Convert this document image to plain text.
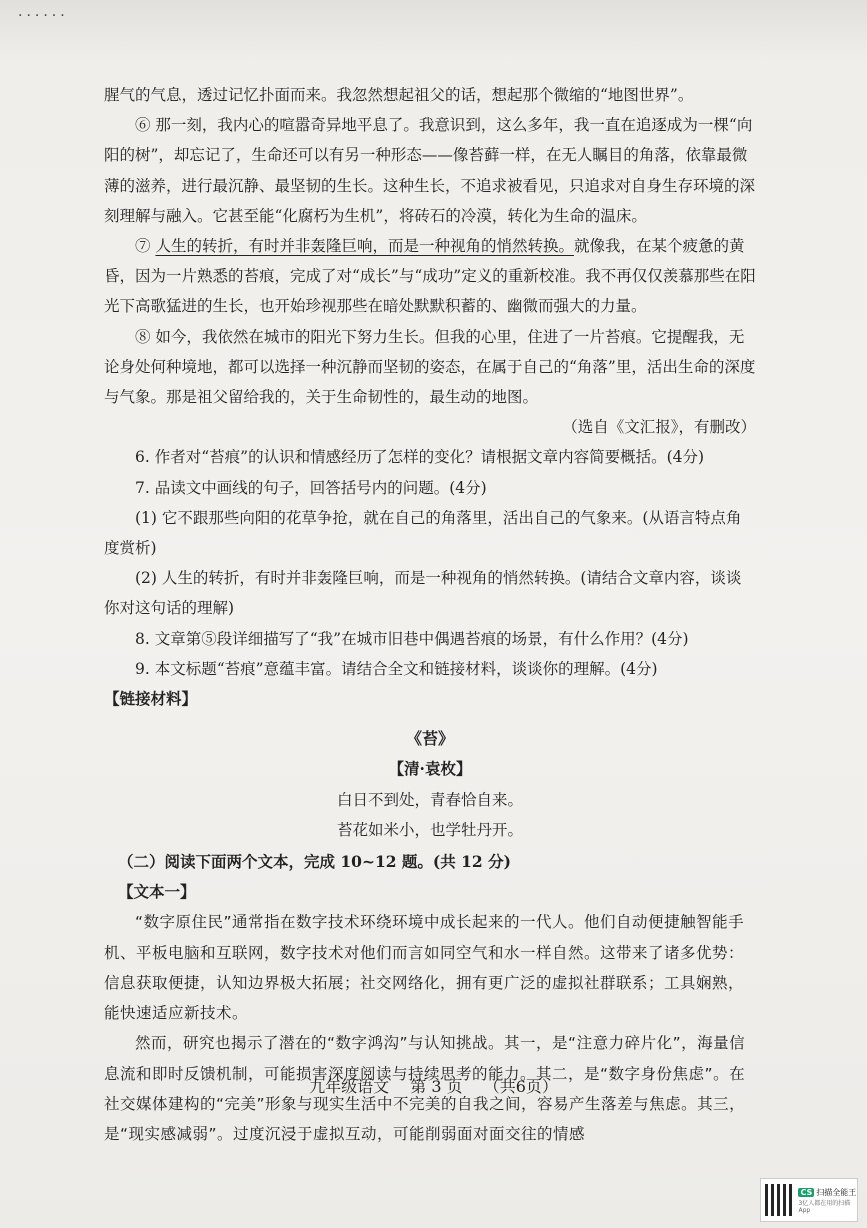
......

腥气的气息，透过记忆扑面而来。我忽然想起祖父的话，想起那个微缩的“地图世界”。

⑥ 那一刻，我内心的喧嚣奇异地平息了。我意识到，这么多年，我一直在追逐成为一棵“向阳的树”，却忘记了，生命还可以有另一种形态——像苔藓一样，在无人瞩目的角落，依靠最微薄的滋养，进行最沉静、最坚韧的生长。这种生长，不追求被看见，只追求对自身生存环境的深刻理解与融入。它甚至能“化腐朽为生机”，将砖石的冷漠，转化为生命的温床。

⑦ 人生的转折，有时并非轰隆巨响，而是一种视角的悄然转换。就像我，在某个疲惫的黄昏，因为一片熟悉的苔痕，完成了对“成长”与“成功”定义的重新校准。我不再仅仅羡慕那些在阳光下高歌猛进的生长，也开始珍视那些在暗处默默积蓄的、幽微而强大的力量。

⑧ 如今，我依然在城市的阳光下努力生长。但我的心里，住进了一片苔痕。它提醒我，无论身处何种境地，都可以选择一种沉静而坚韧的姿态，在属于自己的“角落”里，活出生命的深度与气象。那是祖父留给我的，关于生命韧性的，最生动的地图。

（选自《文汇报》，有删改）

6. 作者对“苔痕”的认识和情感经历了怎样的变化？请根据文章内容简要概括。(4分)

7. 品读文中画线的句子，回答括号内的问题。(4分)

(1) 它不跟那些向阳的花草争抢，就在自己的角落里，活出自己的气象来。(从语言特点角度赏析)

(2) 人生的转折，有时并非轰隆巨响，而是一种视角的悄然转换。(请结合文章内容，谈谈你对这句话的理解)

8. 文章第⑤段详细描写了“我”在城市旧巷中偶遇苔痕的场景，有什么作用？(4分)

9. 本文标题“苔痕”意蕴丰富。请结合全文和链接材料，谈谈你的理解。(4分)

【链接材料】

《苔》

【清·袁枚】

白日不到处，青春恰自来。

苔花如米小，也学牡丹开。

（二）阅读下面两个文本，完成 10~12 题。(共 12 分)

【文本一】

“数字原住民”通常指在数字技术环绕环境中成长起来的一代人。他们自动便捷触智能手机、平板电脑和互联网，数字技术对他们而言如同空气和水一样自然。这带来了诸多优势：信息获取便捷，认知边界极大拓展；社交网络化，拥有更广泛的虚拟社群联系；工具娴熟，能快速适应新技术。

然而，研究也揭示了潜在的“数字鸿沟”与认知挑战。其一，是“注意力碎片化”，海量信息流和即时反馈机制，可能损害深度阅读与持续思考的能力。其二，是“数字身份焦虑”。在社交媒体建构的“完美”形象与现实生活中不完美的自我之间，容易产生落差与焦虑。其三，是“现实感减弱”。过度沉浸于虚拟互动，可能削弱面对面交往的情感

九年级语文 第 3 页 （共6页）
CS 扫描全能王
3亿人都在用的扫描App
